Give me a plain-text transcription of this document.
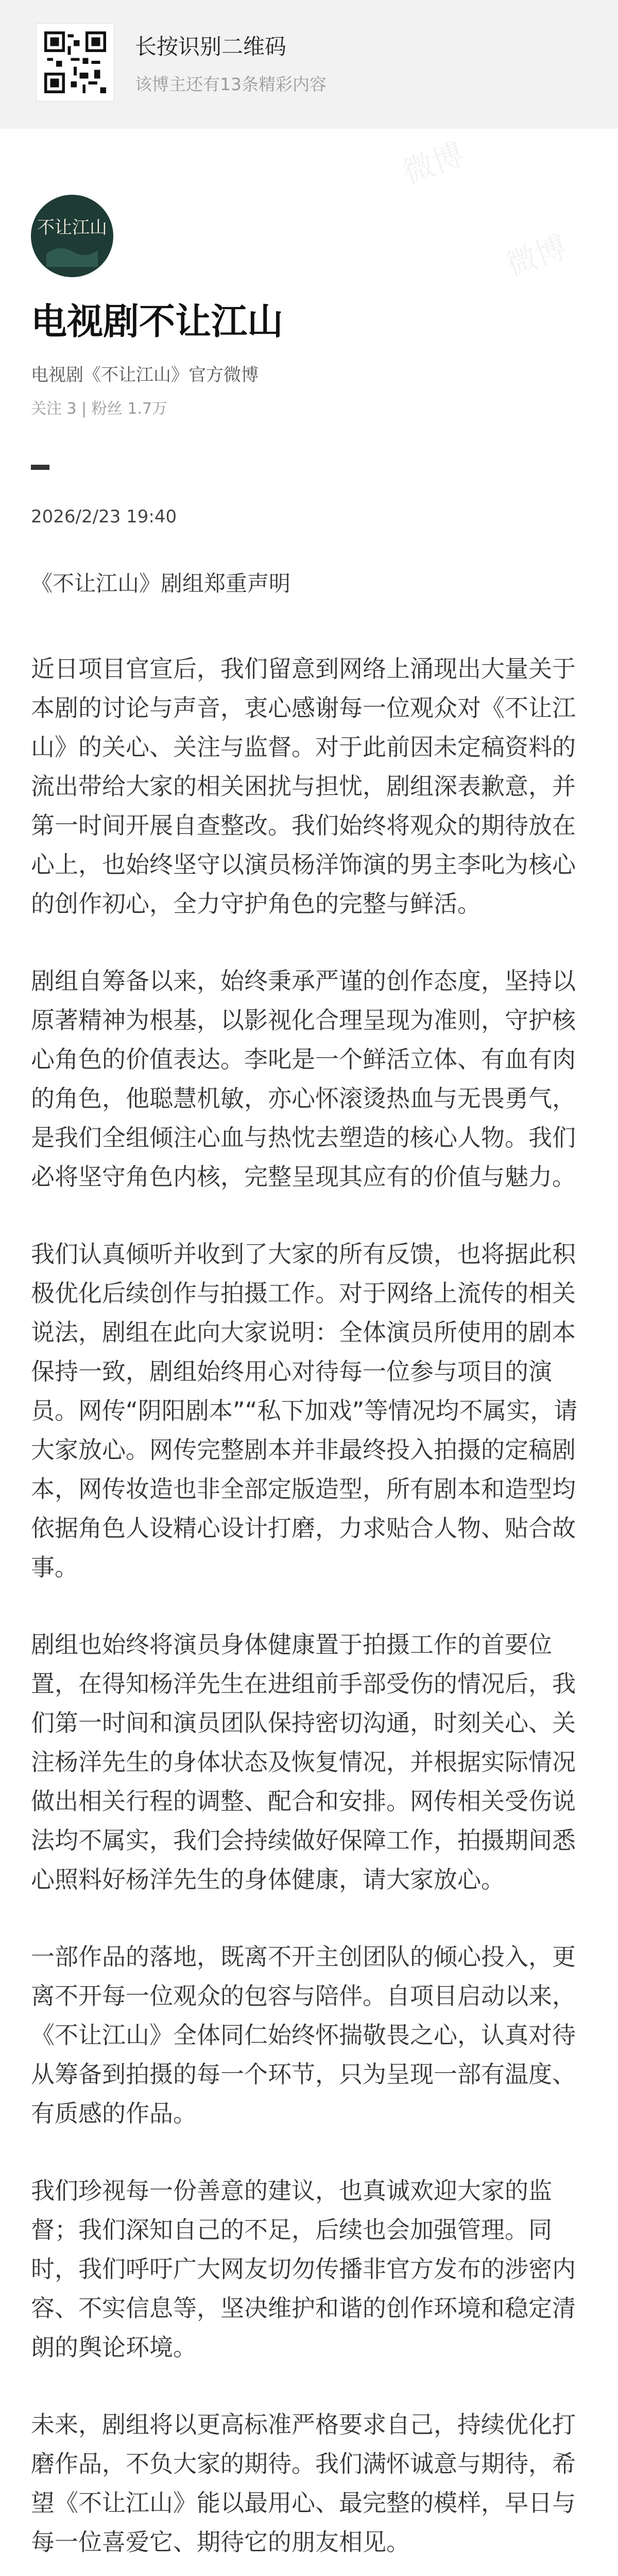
长按识别二维码
该博主还有13条精彩内容
微博
微博
不让江山
电视剧不让江山
电视剧《不让江山》官方微博
关注 3 | 粉丝 1.7万
2026/2/23 19:40
《不让江山》剧组郑重声明

近日项目官宣后，我们留意到网络上涌现出大量关于本剧的讨论与声音，衷心感谢每一位观众对《不让江山》的关心、关注与监督。对于此前因未定稿资料的流出带给大家的相关困扰与担忧，剧组深表歉意，并第一时间开展自查整改。我们始终将观众的期待放在心上，也始终坚守以演员杨洋饰演的男主李叱为核心的创作初心，全力守护角色的完整与鲜活。

剧组自筹备以来，始终秉承严谨的创作态度，坚持以原著精神为根基，以影视化合理呈现为准则，守护核心角色的价值表达。李叱是一个鲜活立体、有血有肉的角色，他聪慧机敏，亦心怀滚烫热血与无畏勇气，是我们全组倾注心血与热忱去塑造的核心人物。我们必将坚守角色内核，完整呈现其应有的价值与魅力。

我们认真倾听并收到了大家的所有反馈，也将据此积极优化后续创作与拍摄工作。对于网络上流传的相关说法，剧组在此向大家说明：全体演员所使用的剧本保持一致，剧组始终用心对待每一位参与项目的演员。网传“阴阳剧本”“私下加戏”等情况均不属实，请大家放心。网传完整剧本并非最终投入拍摄的定稿剧本，网传妆造也非全部定版造型，所有剧本和造型均依据角色人设精心设计打磨，力求贴合人物、贴合故事。

剧组也始终将演员身体健康置于拍摄工作的首要位置，在得知杨洋先生在进组前手部受伤的情况后，我们第一时间和演员团队保持密切沟通，时刻关心、关注杨洋先生的身体状态及恢复情况，并根据实际情况做出相关行程的调整、配合和安排。网传相关受伤说法均不属实，我们会持续做好保障工作，拍摄期间悉心照料好杨洋先生的身体健康，请大家放心。

一部作品的落地，既离不开主创团队的倾心投入，更离不开每一位观众的包容与陪伴。自项目启动以来，《不让江山》全体同仁始终怀揣敬畏之心，认真对待从筹备到拍摄的每一个环节，只为呈现一部有温度、有质感的作品。

我们珍视每一份善意的建议，也真诚欢迎大家的监督；我们深知自己的不足，后续也会加强管理。同时，我们呼吁广大网友切勿传播非官方发布的涉密内容、不实信息等，坚决维护和谐的创作环境和稳定清朗的舆论环境。

未来，剧组将以更高标准严格要求自己，持续优化打磨作品，不负大家的期待。我们满怀诚意与期待，希望《不让江山》能以最用心、最完整的模样，早日与每一位喜爱它、期待它的朋友相见。
